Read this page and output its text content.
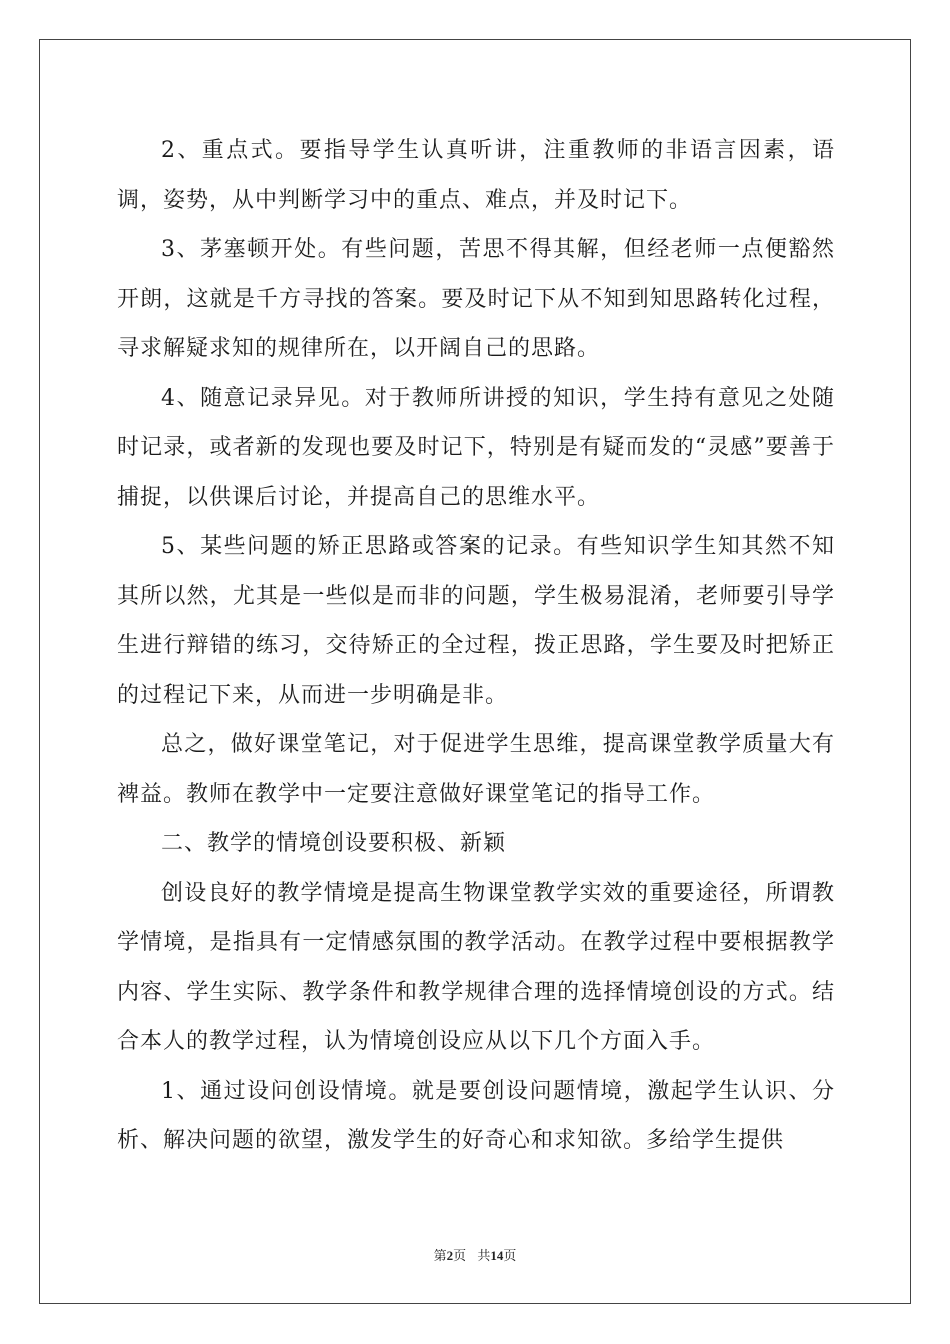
2、重点式。要指导学生认真听讲，注重教师的非语言因素，语调，姿势，从中判断学习中的重点、难点，并及时记下。

3、茅塞顿开处。有些问题，苦思不得其解，但经老师一点便豁然开朗，这就是千方寻找的答案。要及时记下从不知到知思路转化过程，寻求解疑求知的规律所在，以开阔自己的思路。

4、随意记录异见。对于教师所讲授的知识，学生持有意见之处随时记录，或者新的发现也要及时记下，特别是有疑而发的“灵感”要善于捕捉，以供课后讨论，并提高自己的思维水平。

5、某些问题的矫正思路或答案的记录。有些知识学生知其然不知其所以然，尤其是一些似是而非的问题，学生极易混淆，老师要引导学生进行辩错的练习，交待矫正的全过程，拨正思路，学生要及时把矫正的过程记下来，从而进一步明确是非。

总之，做好课堂笔记，对于促进学生思维，提高课堂教学质量大有裨益。教师在教学中一定要注意做好课堂笔记的指导工作。

二、教学的情境创设要积极、新颖

创设良好的教学情境是提高生物课堂教学实效的重要途径，所谓教学情境，是指具有一定情感氛围的教学活动。在教学过程中要根据教学内容、学生实际、教学条件和教学规律合理的选择情境创设的方式。结合本人的教学过程，认为情境创设应从以下几个方面入手。

1、通过设问创设情境。就是要创设问题情境，激起学生认识、分析、解决问题的欲望，激发学生的好奇心和求知欲。多给学生提供

第2页 共14页
